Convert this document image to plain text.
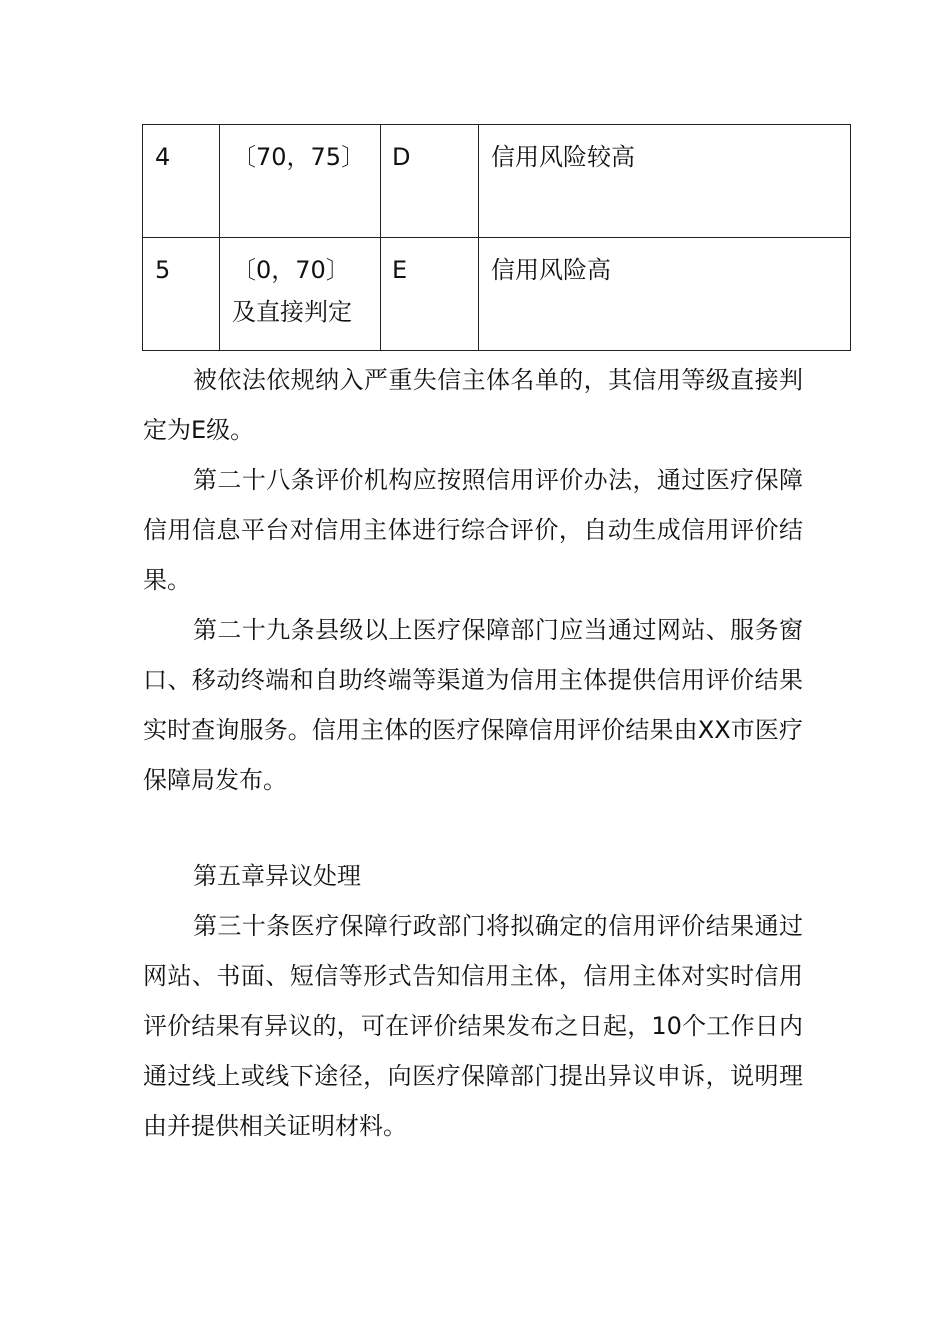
4	〔70，75〕	D	信用风险较高
5	〔0，70〕及直接判定	E	信用风险高

被依法依规纳入严重失信主体名单的，其信用等级直接判定为E级。

第二十八条评价机构应按照信用评价办法，通过医疗保障信用信息平台对信用主体进行综合评价，自动生成信用评价结果。

第二十九条县级以上医疗保障部门应当通过网站、服务窗口、移动终端和自助终端等渠道为信用主体提供信用评价结果实时查询服务。信用主体的医疗保障信用评价结果由XX市医疗保障局发布。

第五章异议处理

第三十条医疗保障行政部门将拟确定的信用评价结果通过网站、书面、短信等形式告知信用主体，信用主体对实时信用评价结果有异议的，可在评价结果发布之日起，10个工作日内通过线上或线下途径，向医疗保障部门提出异议申诉，说明理由并提供相关证明材料。
